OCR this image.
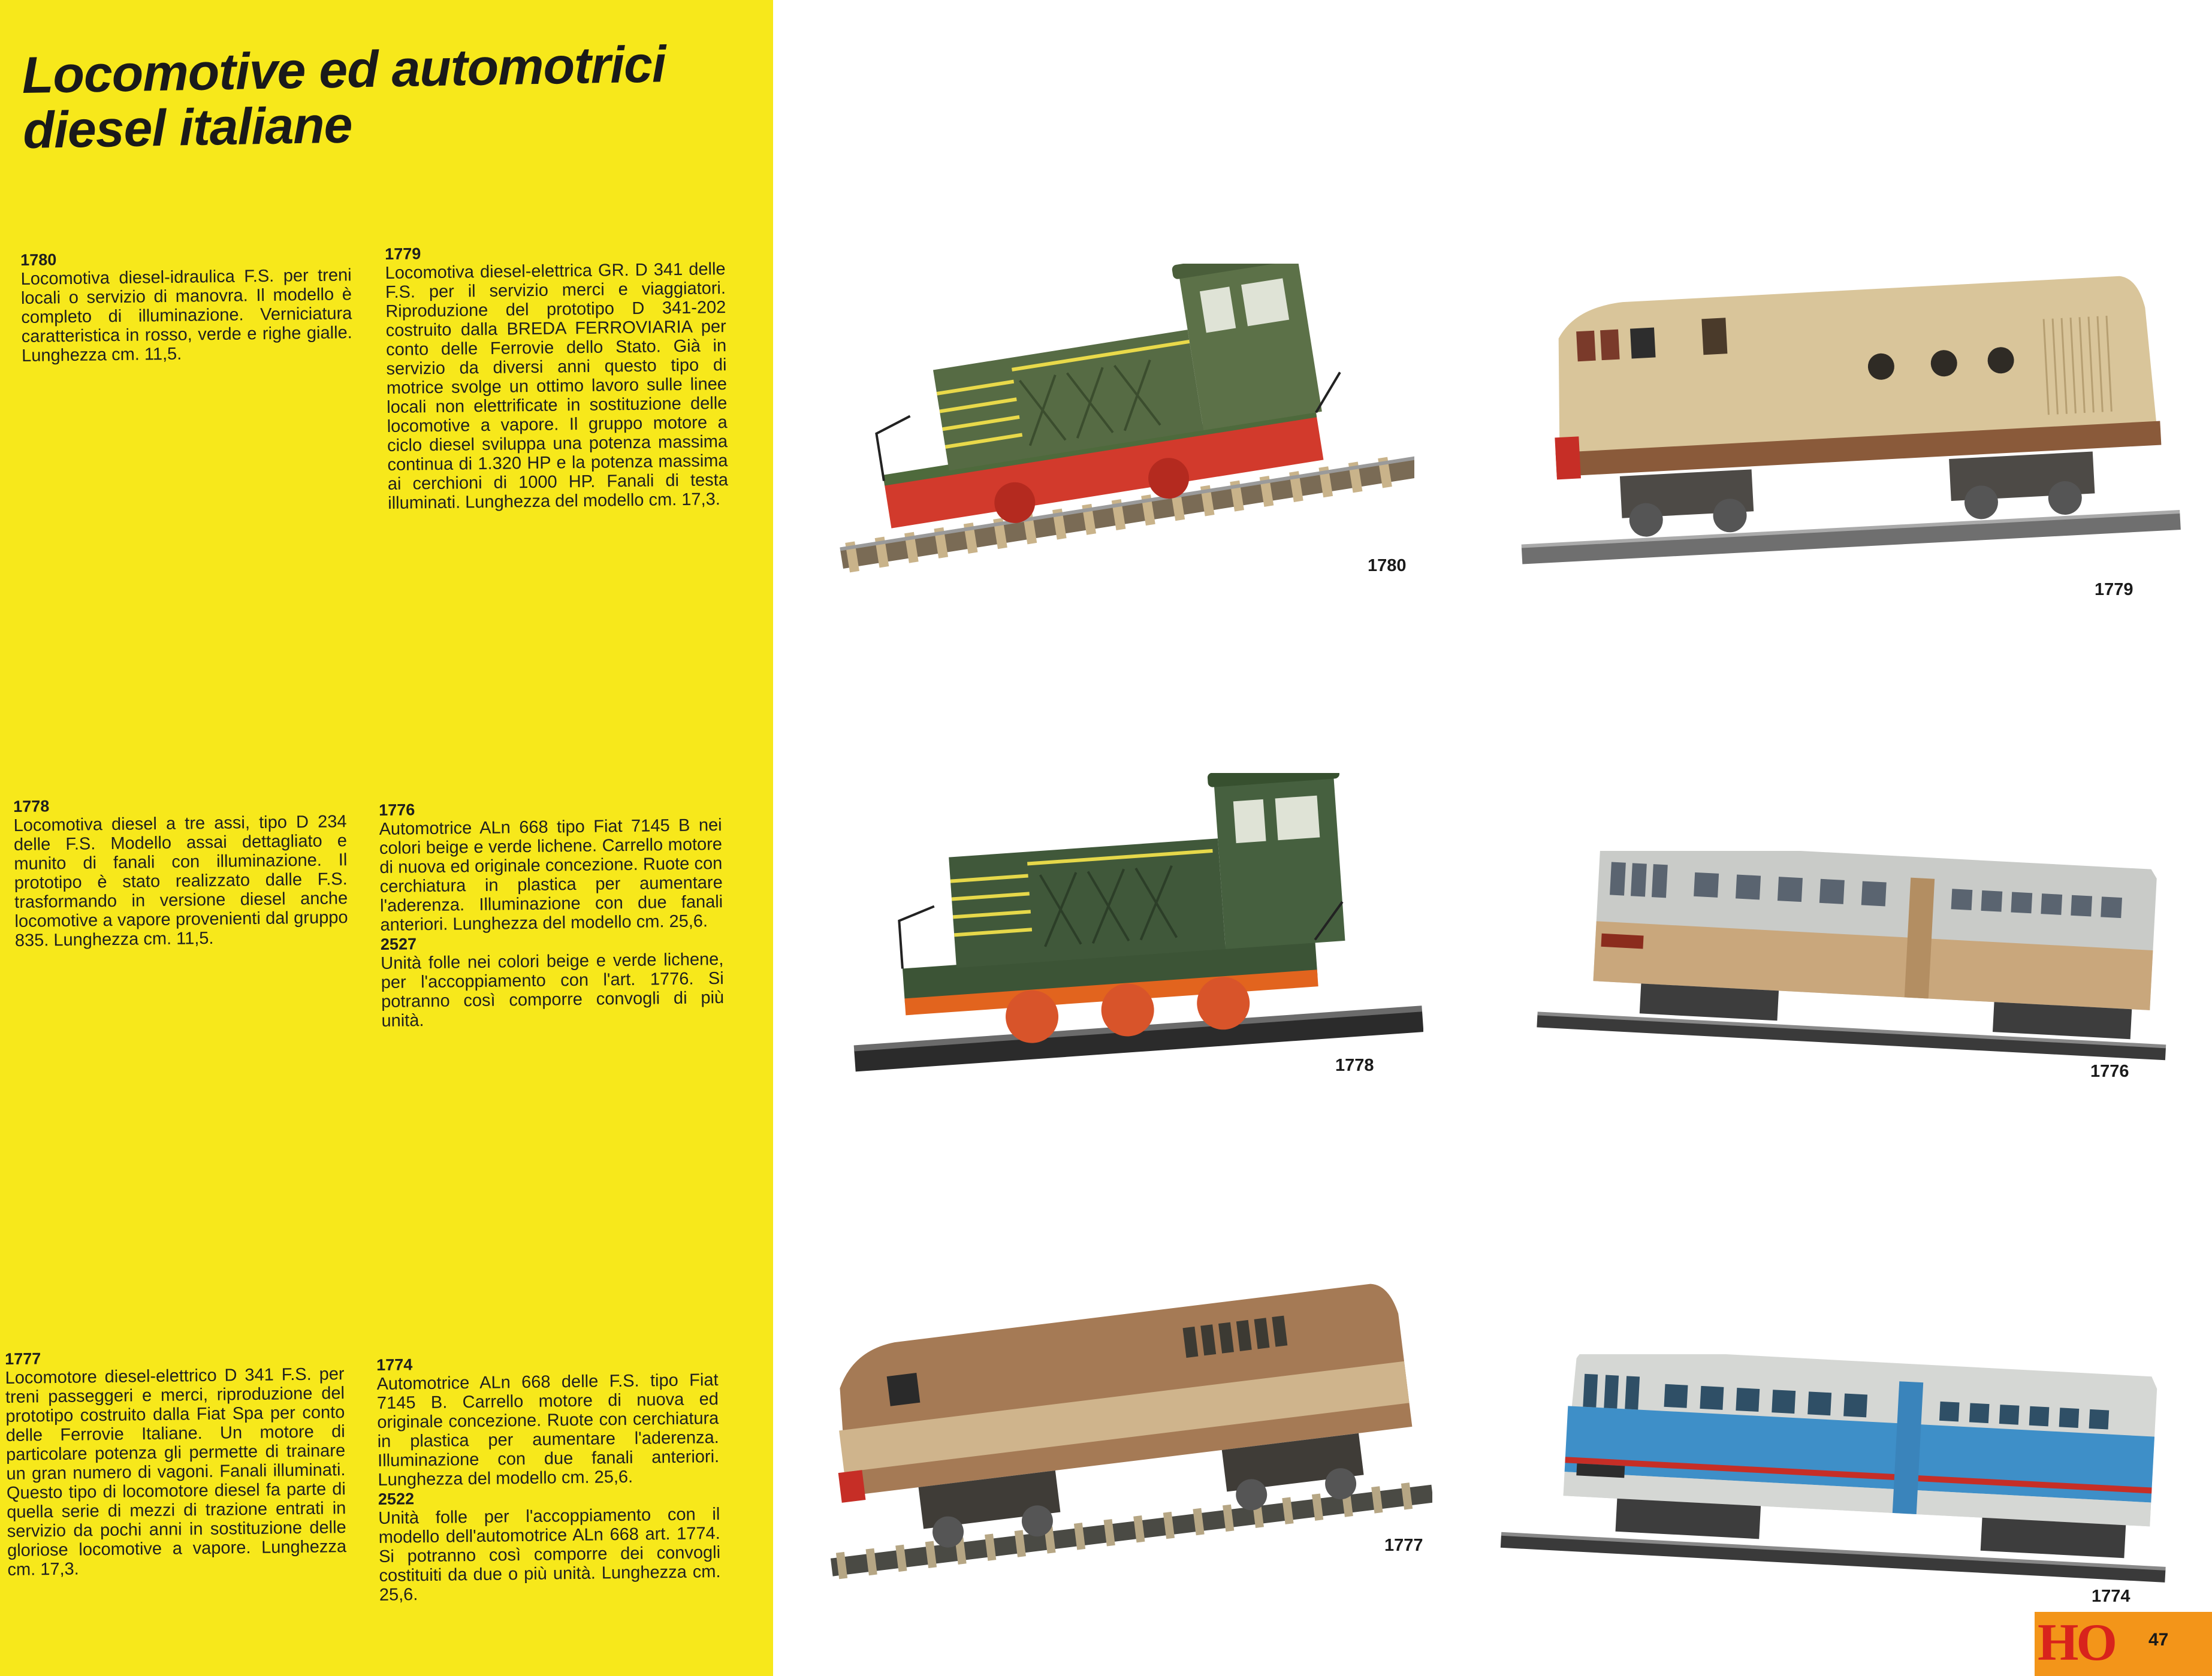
Locomotive ed automotrici
diesel italiane
1780
Locomotiva diesel-idraulica F.S. per treni locali o servizio di manovra. Il modello è completo di illuminazione. Verniciatura caratteristica in rosso, verde e righe gialle. Lunghezza cm. 11,5.
1779
Locomotiva diesel-elettrica GR. D 341 delle F.S. per il servizio merci e viaggiatori. Riproduzione del prototipo D 341-202 costruito dalla BREDA FERROVIARIA per conto delle Ferrovie dello Stato. Già in servizio da diversi anni questo tipo di motrice svolge un ottimo lavoro sulle linee locali non elettrificate in sostituzione delle locomotive a vapore. Il gruppo motore a ciclo diesel sviluppa una potenza massima continua di 1.320 HP e la potenza massima ai cerchioni di 1000 HP. Fanali di testa illuminati. Lunghezza del modello cm. 17,3.
1778
Locomotiva diesel a tre assi, tipo D 234 delle F.S. Modello assai dettagliato e munito di fanali con illuminazione. Il prototipo è stato realizzato dalle F.S. trasformando in versione diesel anche locomotive a vapore provenienti dal gruppo 835. Lunghezza cm. 11,5.
1776
Automotrice ALn 668 tipo Fiat 7145 B nei colori beige e verde lichene. Carrello motore di nuova ed originale concezione. Ruote con cerchiatura in plastica per aumentare l'aderenza. Illuminazione con due fanali anteriori. Lunghezza del modello cm. 25,6.
2527
Unità folle nei colori beige e verde lichene, per l'accoppiamento con l'art. 1776. Si potranno così comporre convogli di più unità.
1777
Locomotore diesel-elettrico D 341 F.S. per treni passeggeri e merci, riproduzione del prototipo costruito dalla Fiat Spa per conto delle Ferrovie Italiane. Un motore di particolare potenza gli permette di trainare un gran numero di vagoni. Fanali illuminati. Questo tipo di locomotore diesel fa parte di quella serie di mezzi di trazione entrati in servizio da pochi anni in sostituzione delle gloriose locomotive a vapore. Lunghezza cm. 17,3.
1774
Automotrice ALn 668 delle F.S. tipo Fiat 7145 B. Carrello motore di nuova ed originale concezione. Ruote con cerchiatura in plastica per aumentare l'aderenza. Illuminazione con due fanali anteriori. Lunghezza del modello cm. 25,6.
2522
Unità folle per l'accoppiamento con il modello dell'automotrice ALn 668 art. 1774. Si potranno così comporre dei convogli costituiti da due o più unità. Lunghezza cm. 25,6.
1780
1779
1778	1776
1777
1774
HO 47
